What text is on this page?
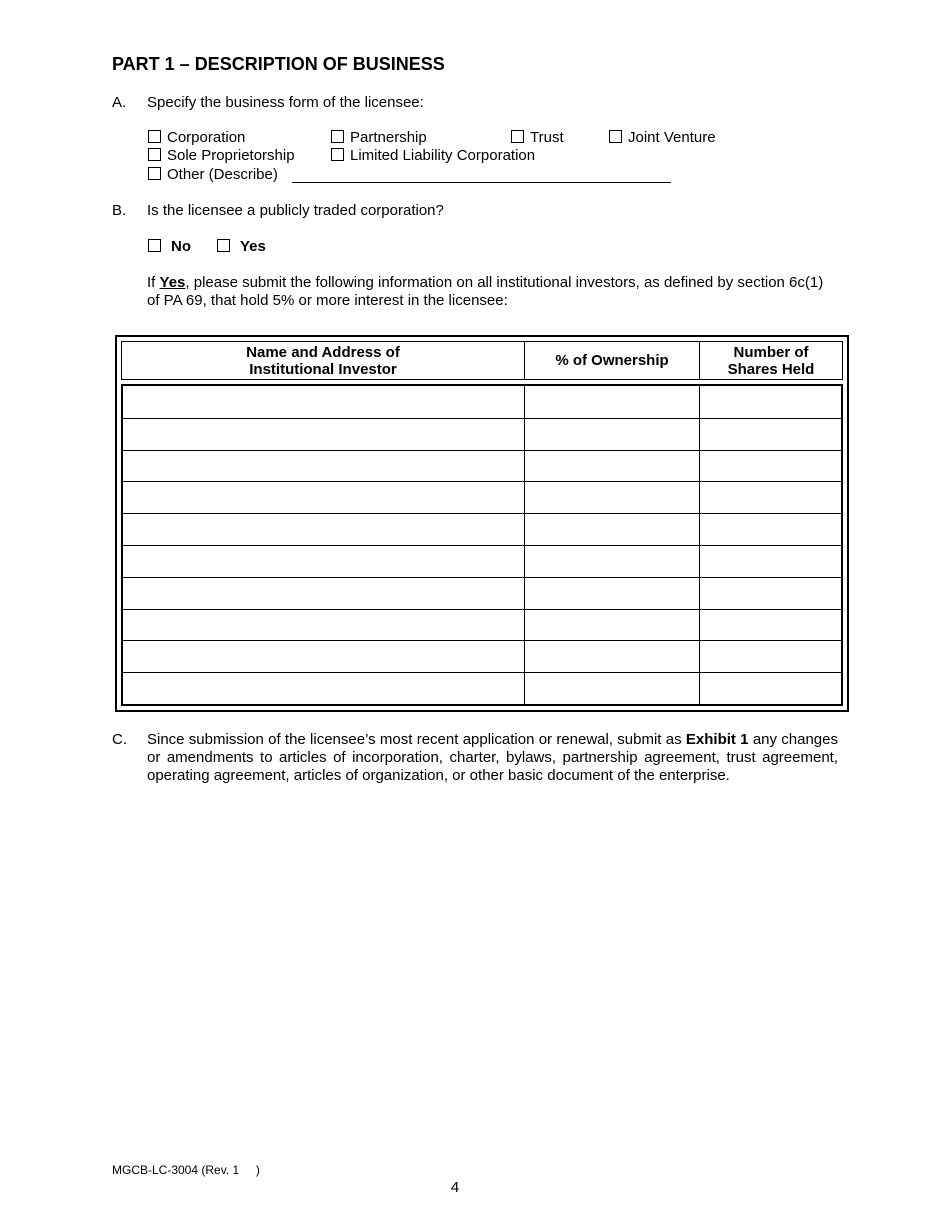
PART 1 – DESCRIPTION OF BUSINESS
A.	Specify the business form of the licensee:
Corporation	Partnership	Trust	Joint Venture
Sole Proprietorship	Limited Liability Corporation
Other (Describe)
B.	Is the licensee a publicly traded corporation?
No	Yes
If Yes, please submit the following information on all institutional investors, as defined by section 6c(1) of PA 69, that hold 5% or more interest in the licensee:
Name and Address of
Institutional Investor	% of Ownership	Number of
Shares Held
C.	Since submission of the licensee’s most recent application or renewal, submit as Exhibit 1 any changes or amendments to articles of incorporation, charter, bylaws, partnership agreement, trust agreement, operating agreement, articles of organization, or other basic document of the enterprise.
MGCB-LC-3004 (Rev. 1     )
4
